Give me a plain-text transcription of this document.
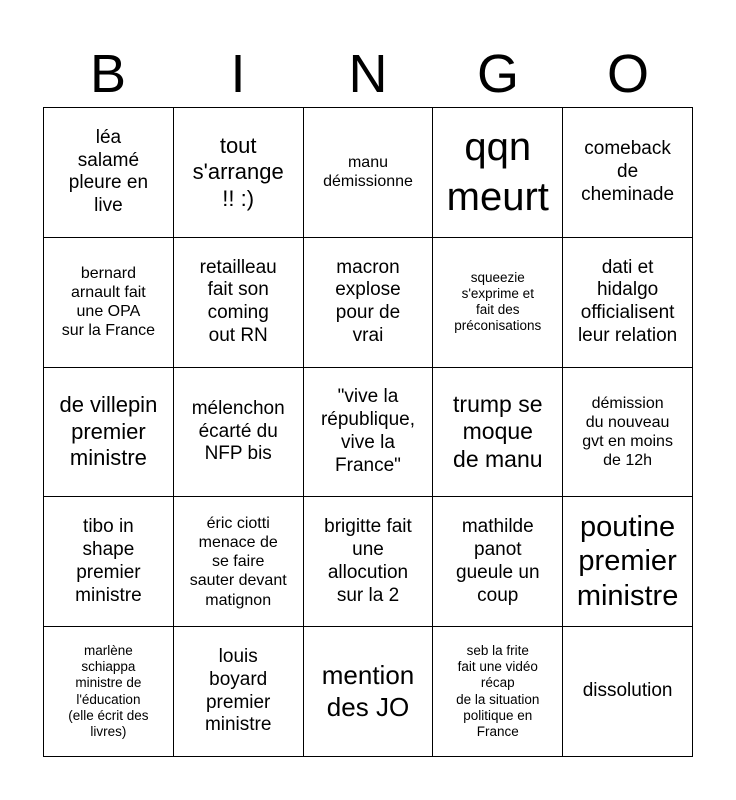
B	I	N	G	O
léa
salamé
pleure en
live
tout
s'arrange
!! :)
manu
démissionne
qqn
meurt
comeback
de
cheminade
bernard
arnault fait
une OPA
sur la France
retailleau
fait son
coming
out RN
macron
explose
pour de
vrai
squeezie
s'exprime et
fait des
préconisations
dati et
hidalgo
officialisent
leur relation
de villepin
premier
ministre
mélenchon
écarté du
NFP bis
"vive la
république,
vive la
France"
trump se
moque
de manu
démission
du nouveau
gvt en moins
de 12h
tibo in
shape
premier
ministre
éric ciotti
menace de
se faire
sauter devant
matignon
brigitte fait
une
allocution
sur la 2
mathilde
panot
gueule un
coup
poutine
premier
ministre
marlène
schiappa
ministre de
l'éducation
(elle écrit des
livres)
louis
boyard
premier
ministre
mention
des JO
seb la frite
fait une vidéo
récap
de la situation
politique en
France
dissolution
